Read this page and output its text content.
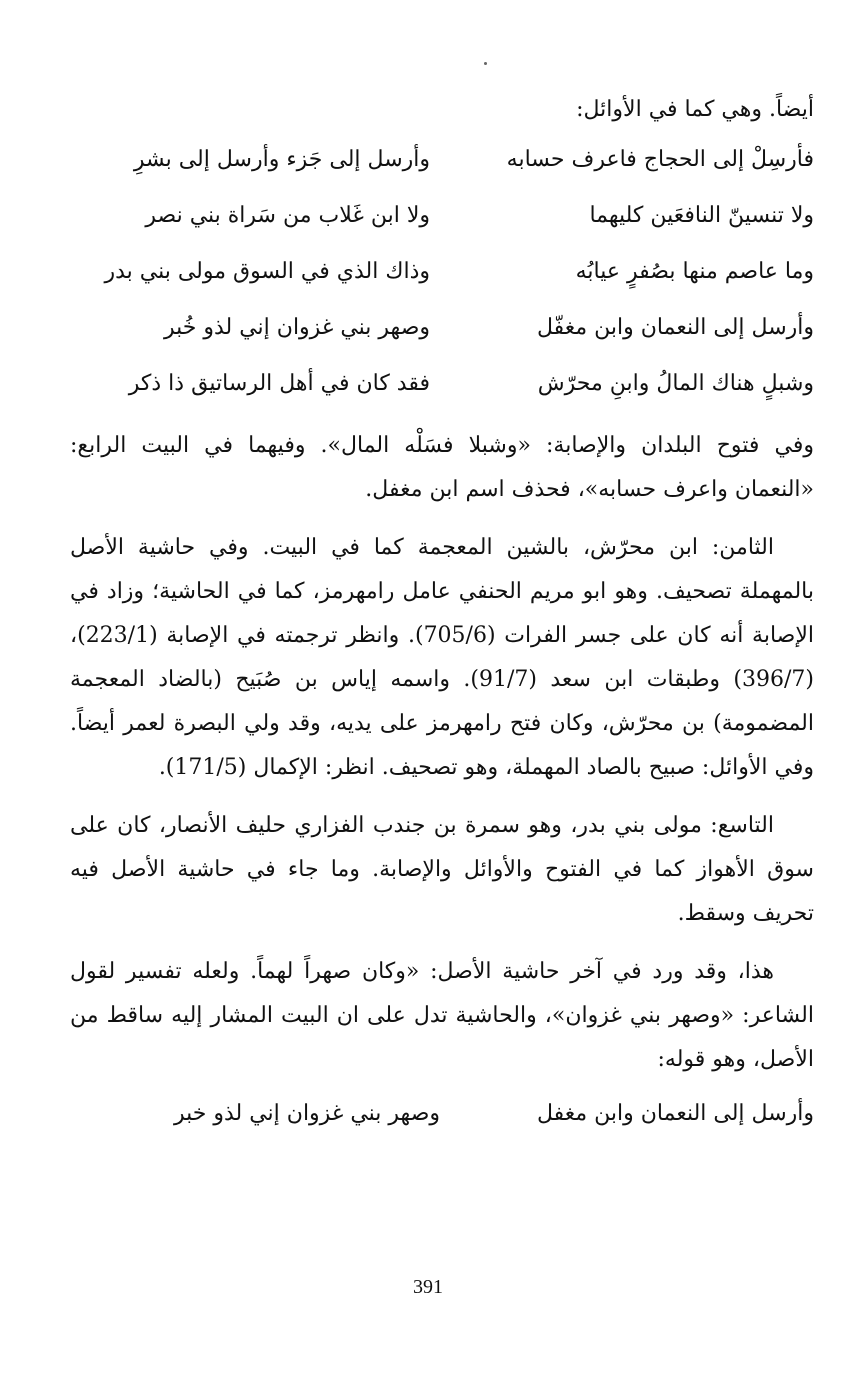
أيضاً. وهي كما في الأوائل:

فأرسِلْ إلى الحجاج فاعرف حسابه
وأرسل إلى جَزء وأرسل إلى بشرِ
ولا تنسينّ النافعَين كليهما
ولا ابن غَلاب من سَراة بني نصر
وما عاصم منها بصُفرٍ عيابُه
وذاك الذي في السوق مولى بني بدر
وأرسل إلى النعمان وابن مغفّل
وصهر بني غزوان إني لذو خُبر
وشبلٍ هناك المالُ وابنِ محرّش
فقد كان في أهل الرساتيق ذا ذكر

وفي فتوح البلدان والإصابة: «وشبلا فسَلْه المال». وفيهما في البيت الرابع: «النعمان واعرف حسابه»، فحذف اسم ابن مغفل.

الثامن: ابن محرّش، بالشين المعجمة كما في البيت. وفي حاشية الأصل بالمهملة تصحيف. وهو ابو مريم الحنفي عامل رامهرمز، كما في الحاشية؛ وزاد في الإصابة أنه كان على جسر الفرات (705/6). وانظر ترجمته في الإصابة (223/1)، (396/7) وطبقات ابن سعد (91/7). واسمه إياس بن صُبَيح (بالضاد المعجمة المضمومة) بن محرّش، وكان فتح رامهرمز على يديه، وقد ولي البصرة لعمر أيضاً. وفي الأوائل: صبيح بالصاد المهملة، وهو تصحيف. انظر: الإكمال (171/5).

التاسع: مولى بني بدر، وهو سمرة بن جندب الفزاري حليف الأنصار، كان على سوق الأهواز كما في الفتوح والأوائل والإصابة. وما جاء في حاشية الأصل فيه تحريف وسقط.

هذا، وقد ورد في آخر حاشية الأصل: «وكان صهراً لهماً. ولعله تفسير لقول الشاعر: «وصهر بني غزوان»، والحاشية تدل على ان البيت المشار إليه ساقط من الأصل، وهو قوله:

وأرسل إلى النعمان وابن مغفل
وصهر بني غزوان إني لذو خبر
391
